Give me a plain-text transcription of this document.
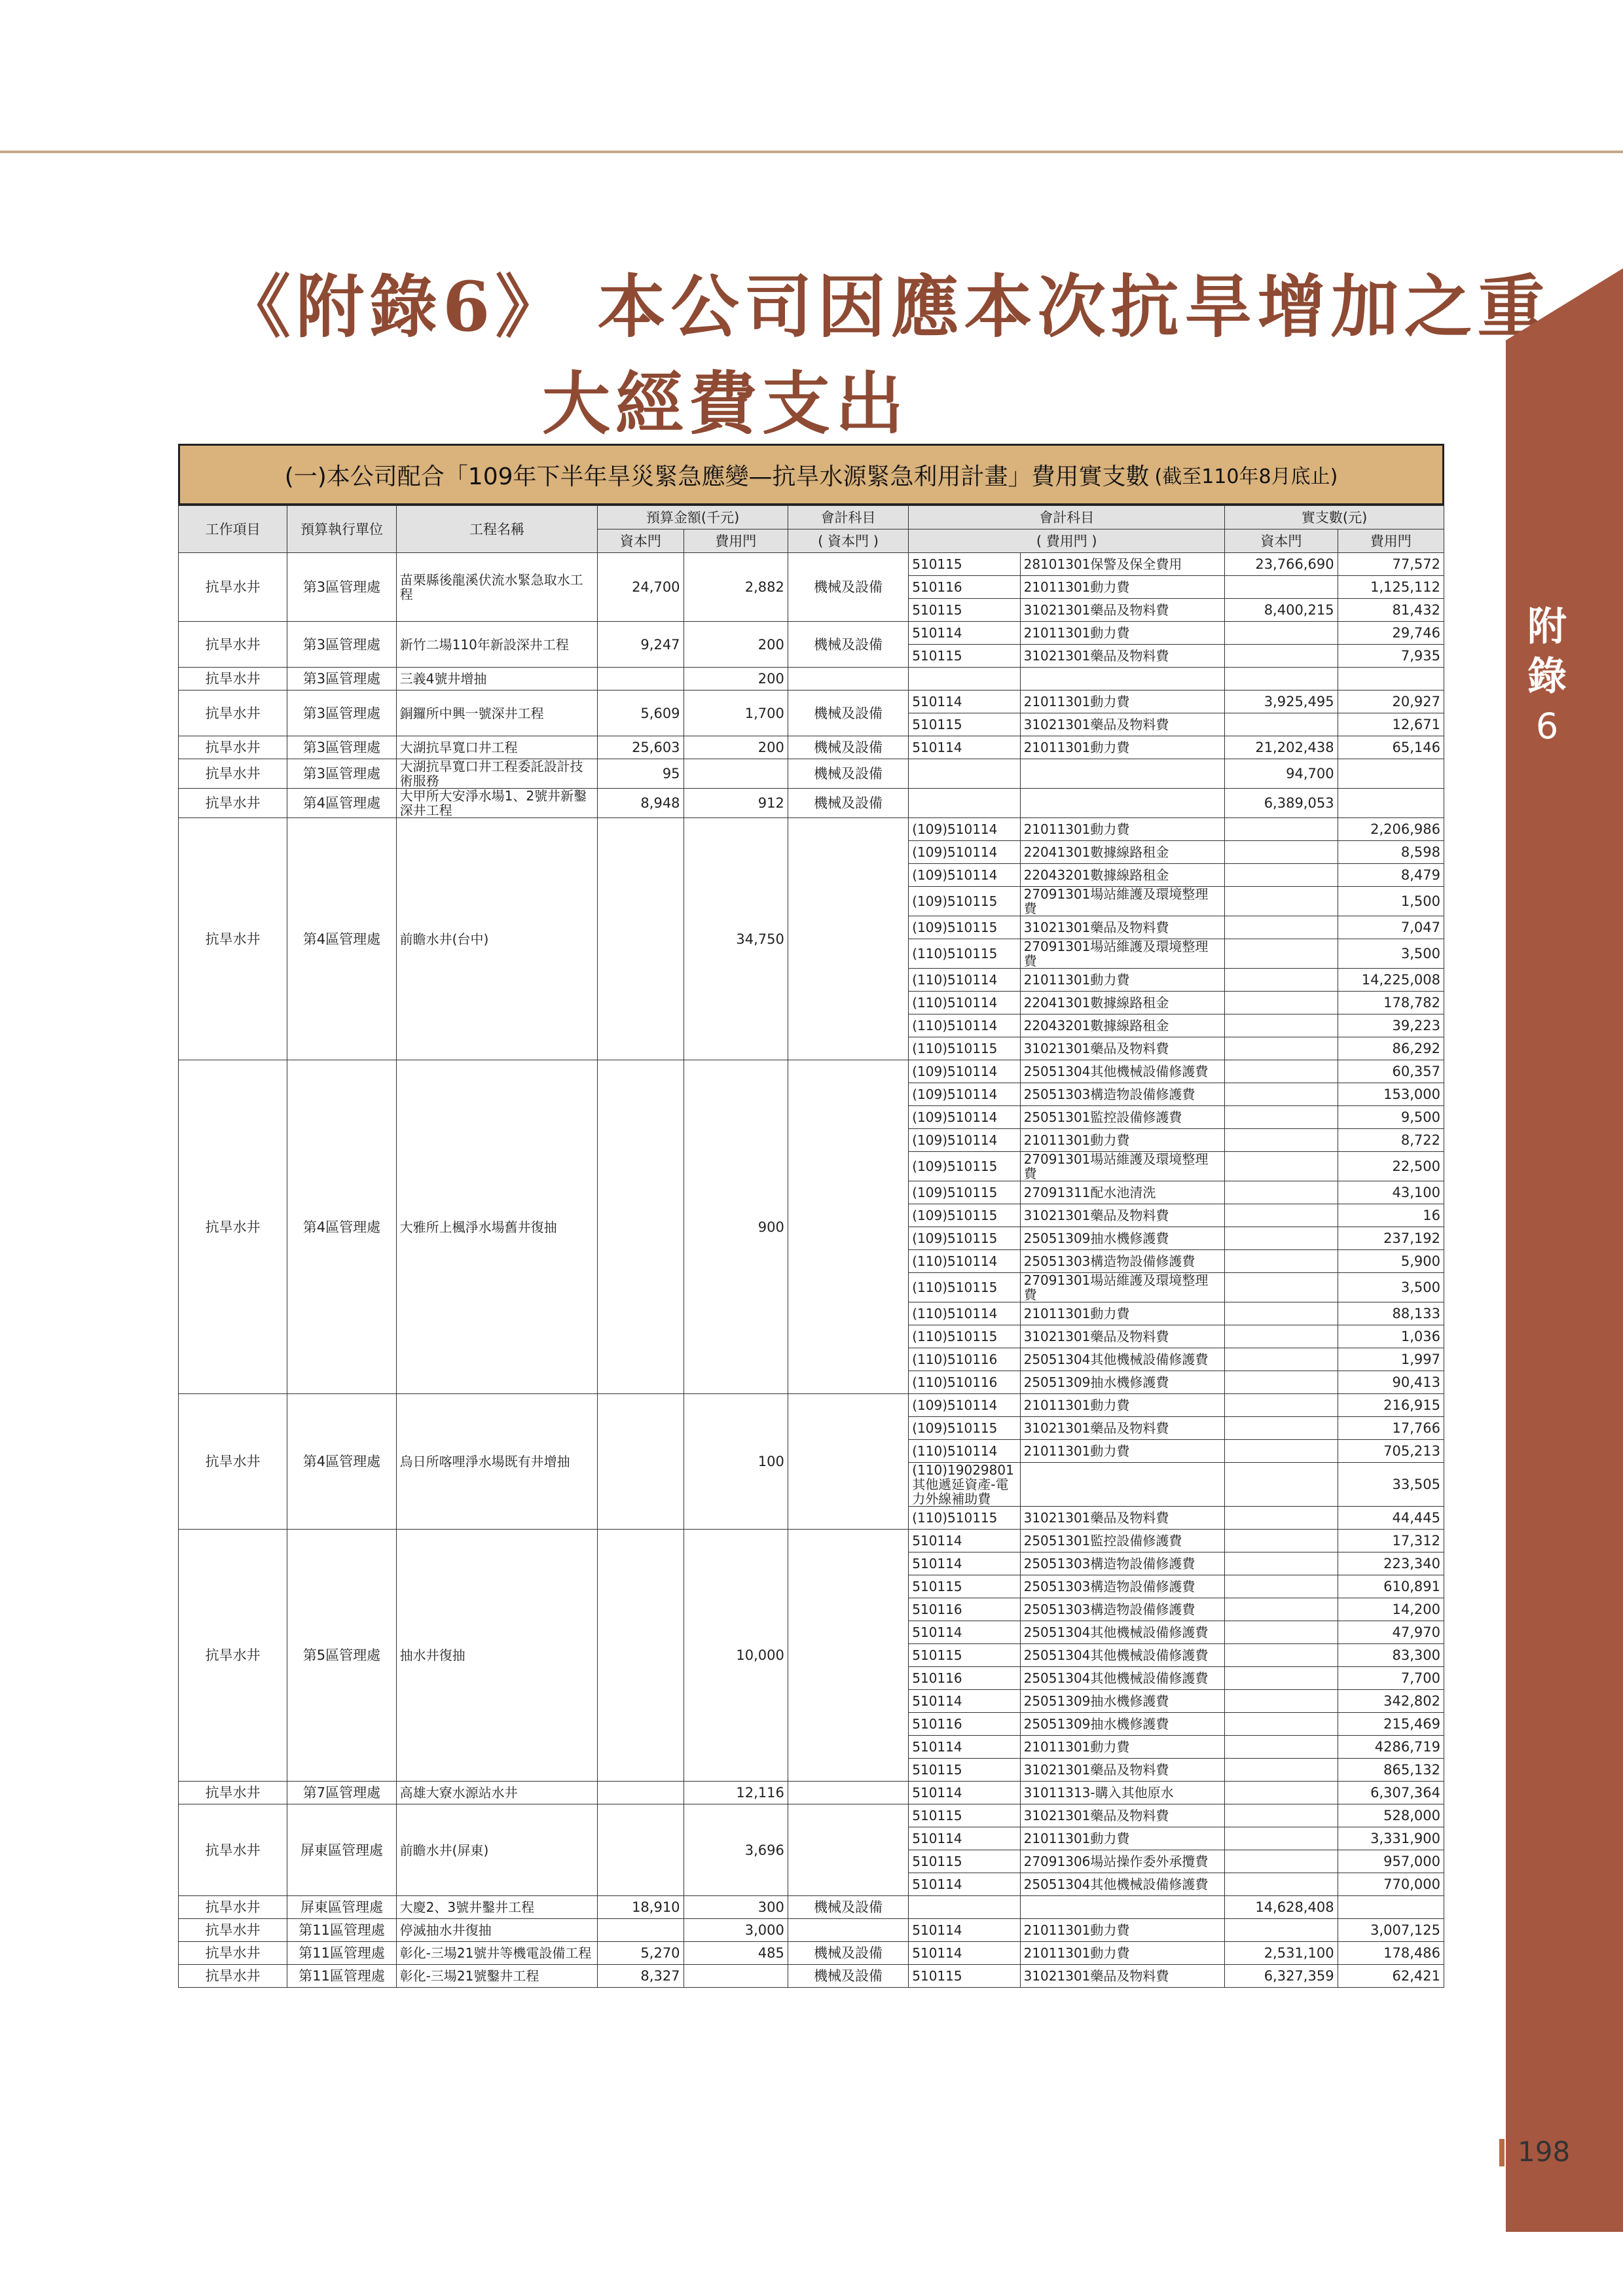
《附錄6》 本公司因應本次抗旱增加之重
大經費支出
附
錄
6
(一)本公司配合「109年下半年旱災緊急應變—抗旱水源緊急利用計畫」費用實支數 (截至110年8月底止)
工作項目	預算執行單位	工程名稱	預算金額(千元)		會計科目	會計科目		實支數(元)	
			資本門	費用門	( 資本門 )	( 費用門 )		資本門	費用門
抗旱水井	第3區管理處	苗栗縣後龍溪伏流水緊急取水工程	24,700	2,882	機械及設備	510115	28101301保警及保全費用	23,766,690	77,572
						510116	21011301動力費		1,125,112
						510115	31021301藥品及物料費	8,400,215	81,432
抗旱水井	第3區管理處	新竹二場110年新設深井工程	9,247	200	機械及設備	510114	21011301動力費		29,746
						510115	31021301藥品及物料費		7,935
抗旱水井	第3區管理處	三義4號井增抽		200					
抗旱水井	第3區管理處	銅鑼所中興一號深井工程	5,609	1,700	機械及設備	510114	21011301動力費	3,925,495	20,927
						510115	31021301藥品及物料費		12,671
抗旱水井	第3區管理處	大湖抗旱寬口井工程	25,603	200	機械及設備	510114	21011301動力費	21,202,438	65,146
抗旱水井	第3區管理處	大湖抗旱寬口井工程委託設計技術服務	95		機械及設備			94,700	
抗旱水井	第4區管理處	大甲所大安淨水場1、2號井新鑿深井工程	8,948	912	機械及設備			6,389,053	
抗旱水井	第4區管理處	前瞻水井(台中)		34,750		(109)510114	21011301動力費		2,206,986
						(109)510114	22041301數據線路租金		8,598
						(109)510114	22043201數據線路租金		8,479
						(109)510115	27091301場站維護及環境整理費		1,500
						(109)510115	31021301藥品及物料費		7,047
						(110)510115	27091301場站維護及環境整理費		3,500
						(110)510114	21011301動力費		14,225,008
						(110)510114	22041301數據線路租金		178,782
						(110)510114	22043201數據線路租金		39,223
						(110)510115	31021301藥品及物料費		86,292
抗旱水井	第4區管理處	大雅所上楓淨水場舊井復抽		900		(109)510114	25051304其他機械設備修護費		60,357
						(109)510114	25051303構造物設備修護費		153,000
						(109)510114	25051301監控設備修護費		9,500
						(109)510114	21011301動力費		8,722
						(109)510115	27091301場站維護及環境整理費		22,500
						(109)510115	27091311配水池清洗		43,100
						(109)510115	31021301藥品及物料費		16
						(109)510115	25051309抽水機修護費		237,192
						(110)510114	25051303構造物設備修護費		5,900
						(110)510115	27091301場站維護及環境整理費		3,500
						(110)510114	21011301動力費		88,133
						(110)510115	31021301藥品及物料費		1,036
						(110)510116	25051304其他機械設備修護費		1,997
						(110)510116	25051309抽水機修護費		90,413
抗旱水井	第4區管理處	烏日所喀哩淨水場既有井增抽		100		(109)510114	21011301動力費		216,915
						(109)510115	31021301藥品及物料費		17,766
						(110)510114	21011301動力費		705,213
						(110)19029801其他遞延資產-電力外線補助費			33,505
						(110)510115	31021301藥品及物料費		44,445
抗旱水井	第5區管理處	抽水井復抽		10,000		510114	25051301監控設備修護費		17,312
						510114	25051303構造物設備修護費		223,340
						510115	25051303構造物設備修護費		610,891
						510116	25051303構造物設備修護費		14,200
						510114	25051304其他機械設備修護費		47,970
						510115	25051304其他機械設備修護費		83,300
						510116	25051304其他機械設備修護費		7,700
						510114	25051309抽水機修護費		342,802
						510116	25051309抽水機修護費		215,469
						510114	21011301動力費		4286,719
						510115	31021301藥品及物料費		865,132
抗旱水井	第7區管理處	高雄大寮水源站水井		12,116		510114	31011313-購入其他原水		6,307,364
抗旱水井	屏東區管理處	前瞻水井(屏東)		3,696		510115	31021301藥品及物料費		528,000
						510114	21011301動力費		3,331,900
						510115	27091306場站操作委外承攬費		957,000
						510114	25051304其他機械設備修護費		770,000
抗旱水井	屏東區管理處	大慶2、3號井鑿井工程	18,910	300	機械及設備			14,628,408	
抗旱水井	第11區管理處	停滅抽水井復抽		3,000		510114	21011301動力費		3,007,125
抗旱水井	第11區管理處	彰化-三場21號井等機電設備工程	5,270	485	機械及設備	510114	21011301動力費	2,531,100	178,486
抗旱水井	第11區管理處	彰化-三場21號鑿井工程	8,327		機械及設備	510115	31021301藥品及物料費	6,327,359	62,421
198
